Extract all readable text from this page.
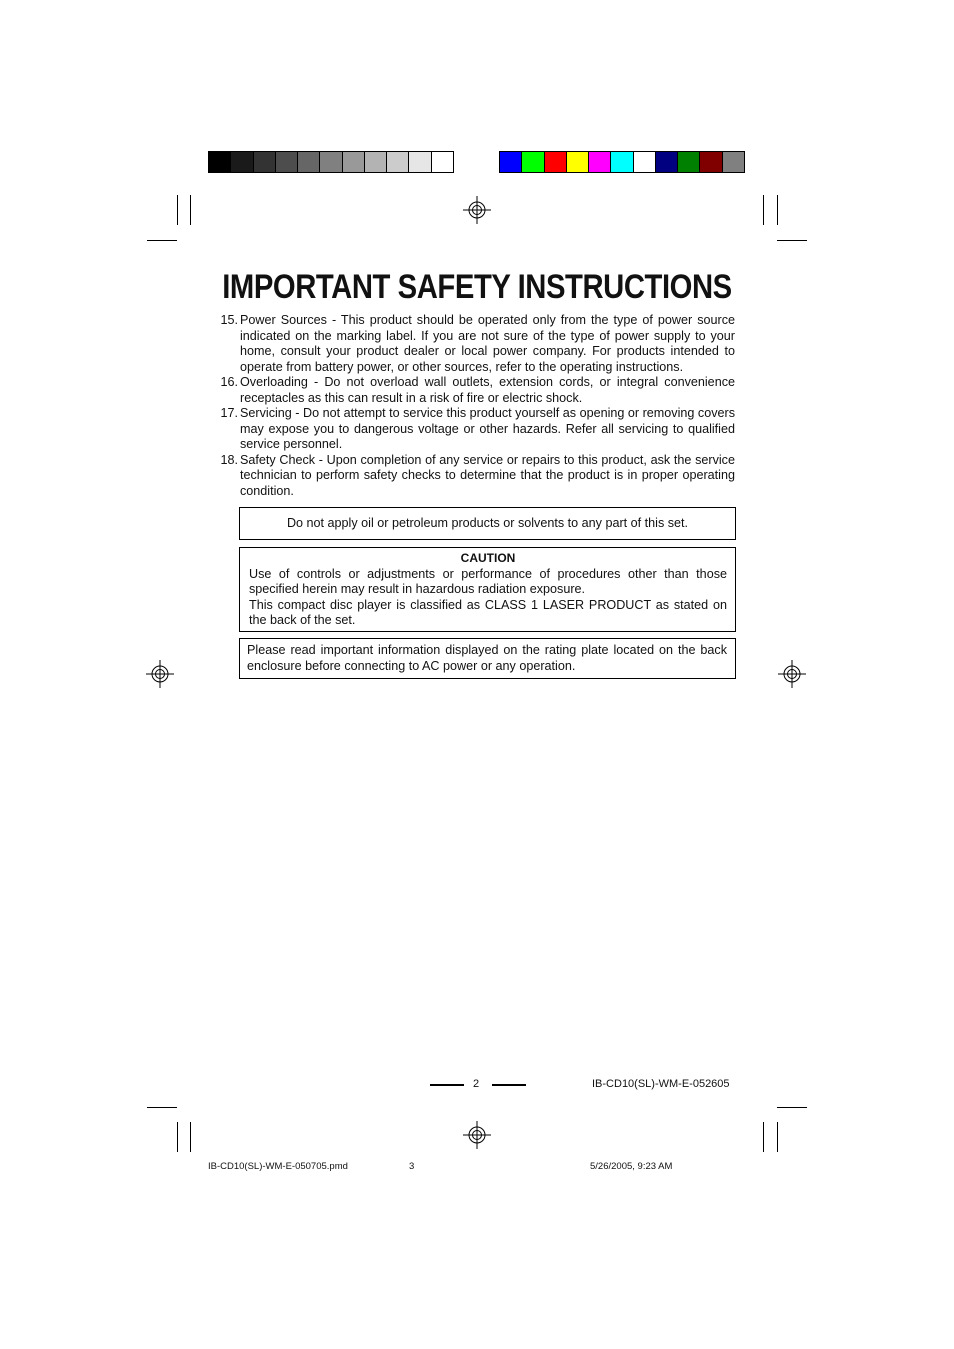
IMPORTANT SAFETY INSTRUCTIONS
15. Power Sources - This product should be operated only from the type of power source indicated on the marking label. If you are not sure of the type of power supply to your home, consult your product dealer or local power company. For products intended to operate from battery power, or other sources, refer to the operating instructions.
16. Overloading - Do not overload wall outlets, extension cords, or integral convenience receptacles as this can result in a risk of fire or electric shock.
17. Servicing - Do not attempt to service this product yourself as opening or removing covers may expose you to dangerous voltage or other hazards. Refer all servicing to qualified service personnel.
18. Safety Check - Upon completion of any service or repairs to this product, ask the service technician to perform safety checks to determine that the product is in proper operating condition.
Do not apply oil or petroleum products or solvents to any part of this set.
CAUTION
Use of controls or adjustments or performance of procedures other than those specified herein may result in hazardous radiation exposure.
This compact disc player is classified as CLASS 1 LASER PRODUCT as stated on the back of the set.
Please read important information displayed on the rating plate located on the back enclosure before connecting to AC power or any operation.
2	IB-CD10(SL)-WM-E-052605
IB-CD10(SL)-WM-E-050705.pmd	3	5/26/2005, 9:23 AM
